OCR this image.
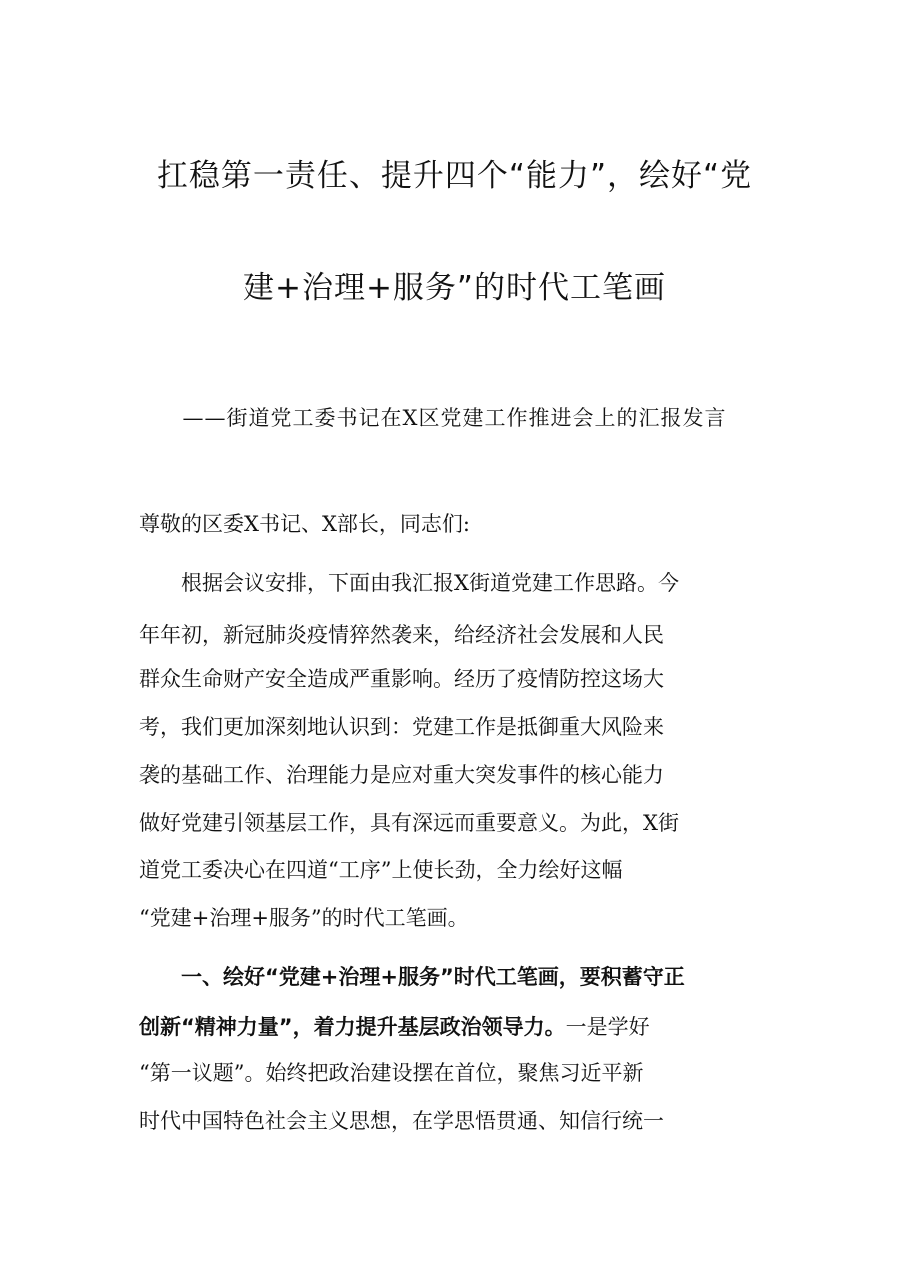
扛稳第一责任、提升四个“能力”，绘好“党
建+治理+服务”的时代工笔画
——街道党工委书记在X区党建工作推进会上的汇报发言
尊敬的区委X书记、X部长，同志们:
根据会议安排，下面由我汇报X街道党建工作思路。今
年年初，新冠肺炎疫情猝然袭来，给经济社会发展和人民
群众生命财产安全造成严重影响。经历了疫情防控这场大
考，我们更加深刻地认识到：党建工作是抵御重大风险来
袭的基础工作、治理能力是应对重大突发事件的核心能力
做好党建引领基层工作，具有深远而重要意义。为此，X街
道党工委决心在四道“工序”上使长劲，全力绘好这幅
“党建+治理+服务”的时代工笔画。
一、绘好“党建+治理+服务”时代工笔画，要积蓄守正
创新“精神力量”，着力提升基层政治领导力。一是学好
“第一议题”。始终把政治建设摆在首位，聚焦习近平新
时代中国特色社会主义思想，在学思悟贯通、知信行统一
